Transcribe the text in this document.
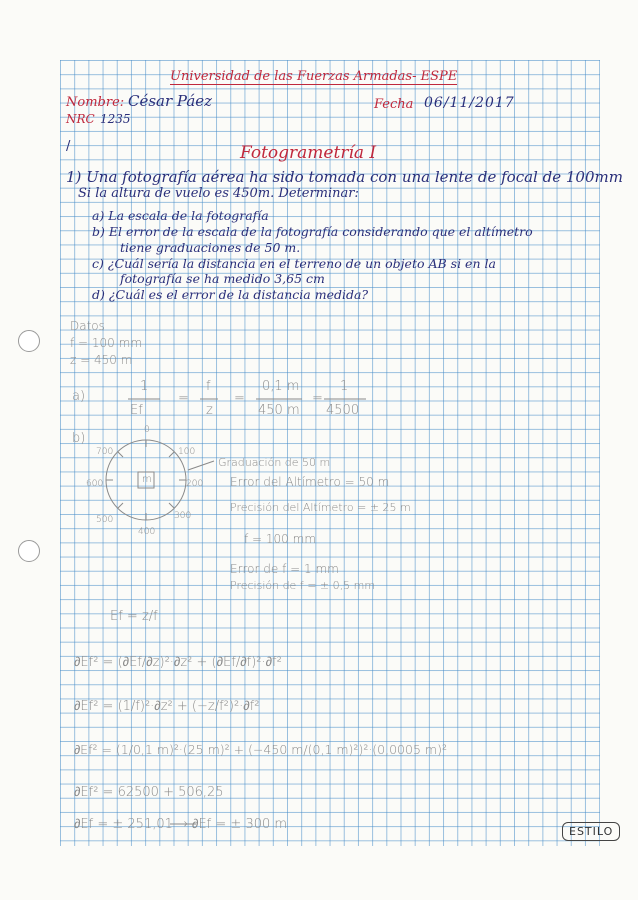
Universidad de las Fuerzas Armadas- ESPE
Nombre: César Páez
NRC 1235
Fecha 06/11/2017
/	Fotogrametría I
1) Una fotografía aérea ha sido tomada con una lente de focal de 100mm
Si la altura de vuelo es 450m. Determinar:
a) La escala de la fotografía
b) El error de la escala de la fotografía considerando que el altímetro
tiene graduaciones de 50 m.
c) ¿Cuál sería la distancia en el terreno de un objeto AB si en la
fotografía se ha medido 3,65 cm
d) ¿Cuál es el error de la distancia medida?
Datos
f = 100 mm
z = 450 m
a)
1
Ef
=
f
z
=
0,1 m
450 m
=
1
4500
b)
0
100
200
300
400
500
600
700
m
Graduación de 50 m
Error del Altímetro = 50 m
Precisión del Altímetro = ± 25 m
f = 100 mm
Error de f = 1 mm
Precisión de f = ± 0,5 mm
Ef = z/f
∂Ef² = (∂Ef/∂z)²·∂z² + (∂Ef/∂f)²·∂f²
∂Ef² = (1/f)²·∂z² + (−z/f²)²·∂f²
∂Ef² = (1/0,1 m)²·(25 m)² + (−450 m/(0,1 m)²)²·(0,0005 m)²
∂Ef² = 62500 + 506,25
∂Ef = ± 251,01 → ∂Ef = ± 300 m	ESTILO
